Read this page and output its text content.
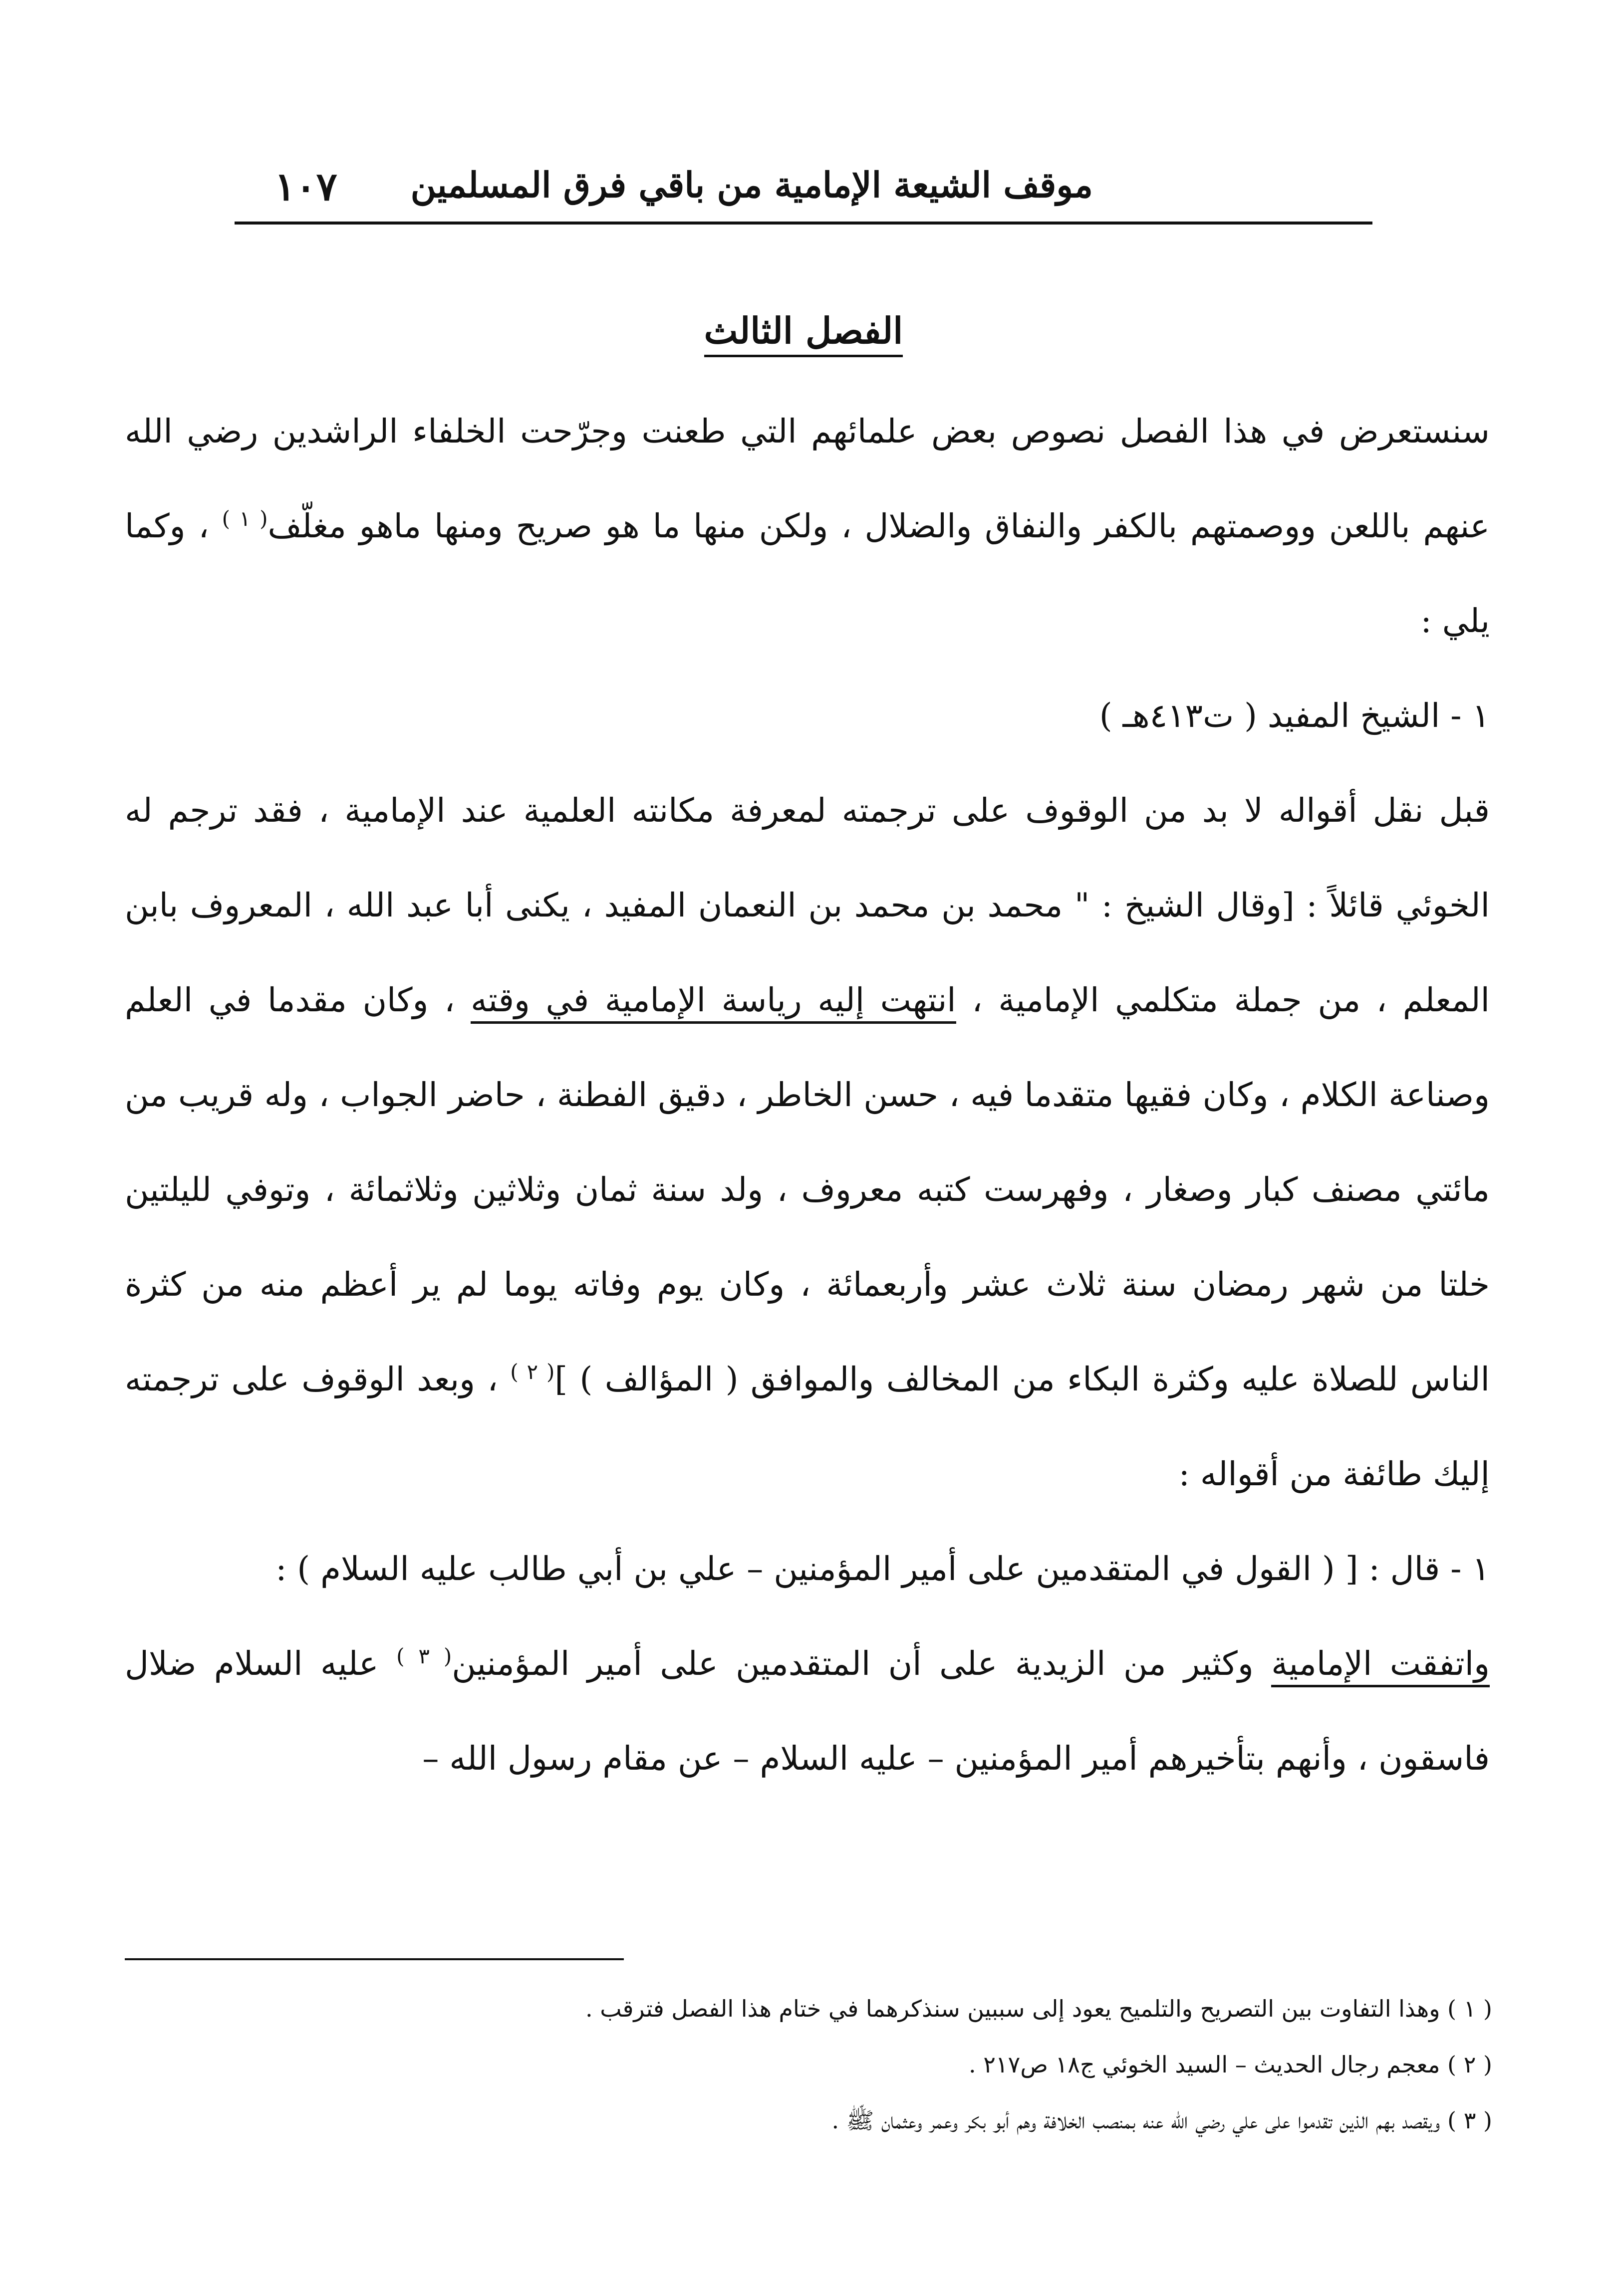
موقف الشيعة الإمامية من باقي فرق المسلمين
١٠٧
الفصل الثالث

سنستعرض في هذا الفصل نصوص بعض علمائهم التي طعنت وجرّحت الخلفاء الراشدين رضي الله عنهم باللعن ووصمتهم بالكفر والنفاق والضلال ، ولكن منها ما هو صريح ومنها ماهو مغلّف$^{( ١ )}$ ، وكما يلي :

١ - الشيخ المفيد ( ت٤١٣هـ )

قبل نقل أقواله لا بد من الوقوف على ترجمته لمعرفة مكانته العلمية عند الإمامية ، فقد ترجم له الخوئي قائلاً : [وقال الشيخ : " محمد بن محمد بن النعمان المفيد ، يكنى أبا عبد الله ، المعروف بابن المعلم ، من جملة متكلمي الإمامية ، انتهت إليه رياسة الإمامية في وقته ، وكان مقدما في العلم وصناعة الكلام ، وكان فقيها متقدما فيه ، حسن الخاطر ، دقيق الفطنة ، حاضر الجواب ، وله قريب من مائتي مصنف كبار وصغار ، وفهرست كتبه معروف ، ولد سنة ثمان وثلاثين وثلاثمائة ، وتوفي لليلتين خلتا من شهر رمضان سنة ثلاث عشر وأربعمائة ، وكان يوم وفاته يوما لم ير أعظم منه من كثرة الناس للصلاة عليه وكثرة البكاء من المخالف والموافق ( المؤالف ) ]$^{( ٢ )}$ ، وبعد الوقوف على ترجمته إليك طائفة من أقواله :

١ - قال : [ ( القول في المتقدمين على أمير المؤمنين – علي بن أبي طالب عليه السلام ) :

واتفقت الإمامية وكثير من الزيدية على أن المتقدمين على أمير المؤمنين$^{( ٣ )}$ عليه السلام ضلال فاسقون ، وأنهم بتأخيرهم أمير المؤمنين – عليه السلام – عن مقام رسول الله –

( ١ ) وهذا التفاوت بين التصريح والتلميح يعود إلى سببين سنذكرهما في ختام هذا الفصل فترقب .

( ٢ ) معجم رجال الحديث – السيد الخوئي ج١٨ ص٢١٧ .

( ٣ ) ويقصد بهم الذين تقدموا على علي رضي الله عنه بمنصب الخلافة وهم أبو بكر وعمر وعثمان ﷺ .
